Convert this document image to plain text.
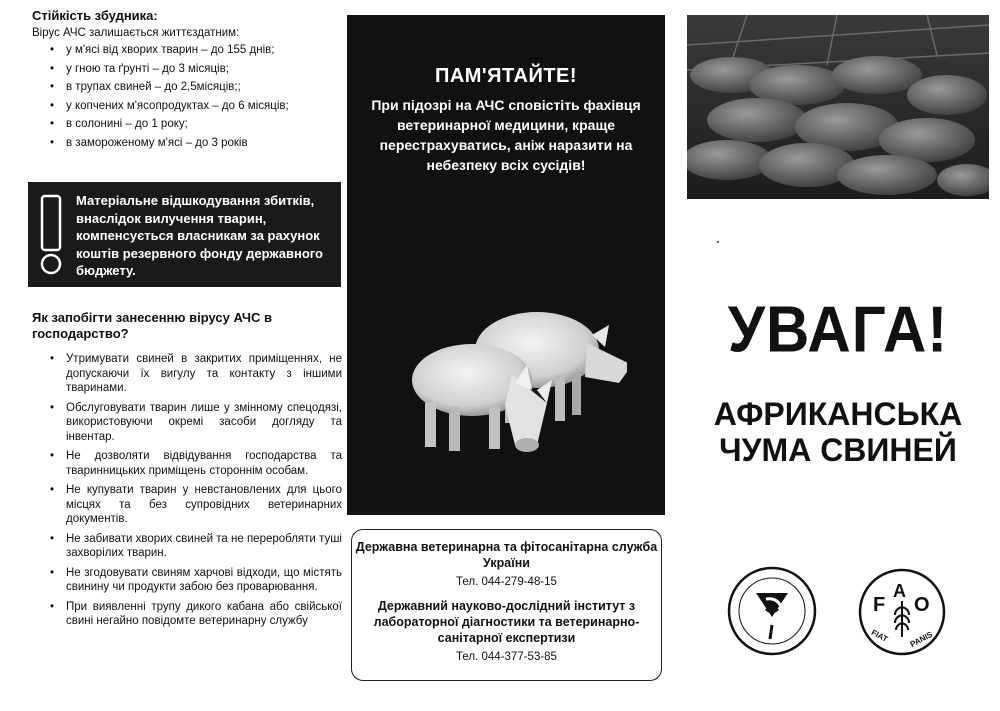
Стійкість збудника:
Вірус АЧС залишається життєздатним:
• у м'ясі від хворих тварин – до 155 днів;
• у гною та ґрунті – до 3 місяців;
• в трупах свиней – до 2,5місяців;;
• у копчених м'ясопродуктах – до 6 місяців;
• в солонині – до 1 року;
• в замороженому м'ясі – до 3 років
Матеріальне відшкодування збитків, внаслідок вилучення тварин, компенсується власникам за рахунок коштів резервного фонду державного бюджету.
Як запобігти занесенню вірусу АЧС в господарство?
• Утримувати свиней в закритих приміщеннях, не допускаючи їх вигулу та контакту з іншими тваринами.
• Обслуговувати тварин лише у змінному спецодязі, використовуючи окремі засоби догляду та інвентар.
• Не дозволяти відвідування господарства та тваринницьких приміщень стороннім особам.
• Не купувати тварин у невстановлених для цього місцях та без супровідних ветеринарних документів.
• Не забивати хворих свиней та не переробляти туші захворілих тварин.
• Не згодовувати свиням харчові відходи, що містять свинину чи продукти забою без проварювання.
• При виявленні трупу дикого кабана або свійської свині негайно повідомте ветеринарну службу
ПАМ'ЯТАЙТЕ!
При підозрі на АЧС сповістіть фахівця ветеринарної медицини, краще перестрахуватись, аніж наразити на небезпеку всіх сусідів!
Державна ветеринарна та фітосанітарна служба України
Тел. 044-279-48-15
Державний науково-дослідний інститут з лабораторної діагностики та ветеринарно-санітарної експертизи
Тел. 044-377-53-85
УВАГА!
АФРИКАНСЬКА
ЧУМА СВИНЕЙ
F
A
O
FIAT PANIS
